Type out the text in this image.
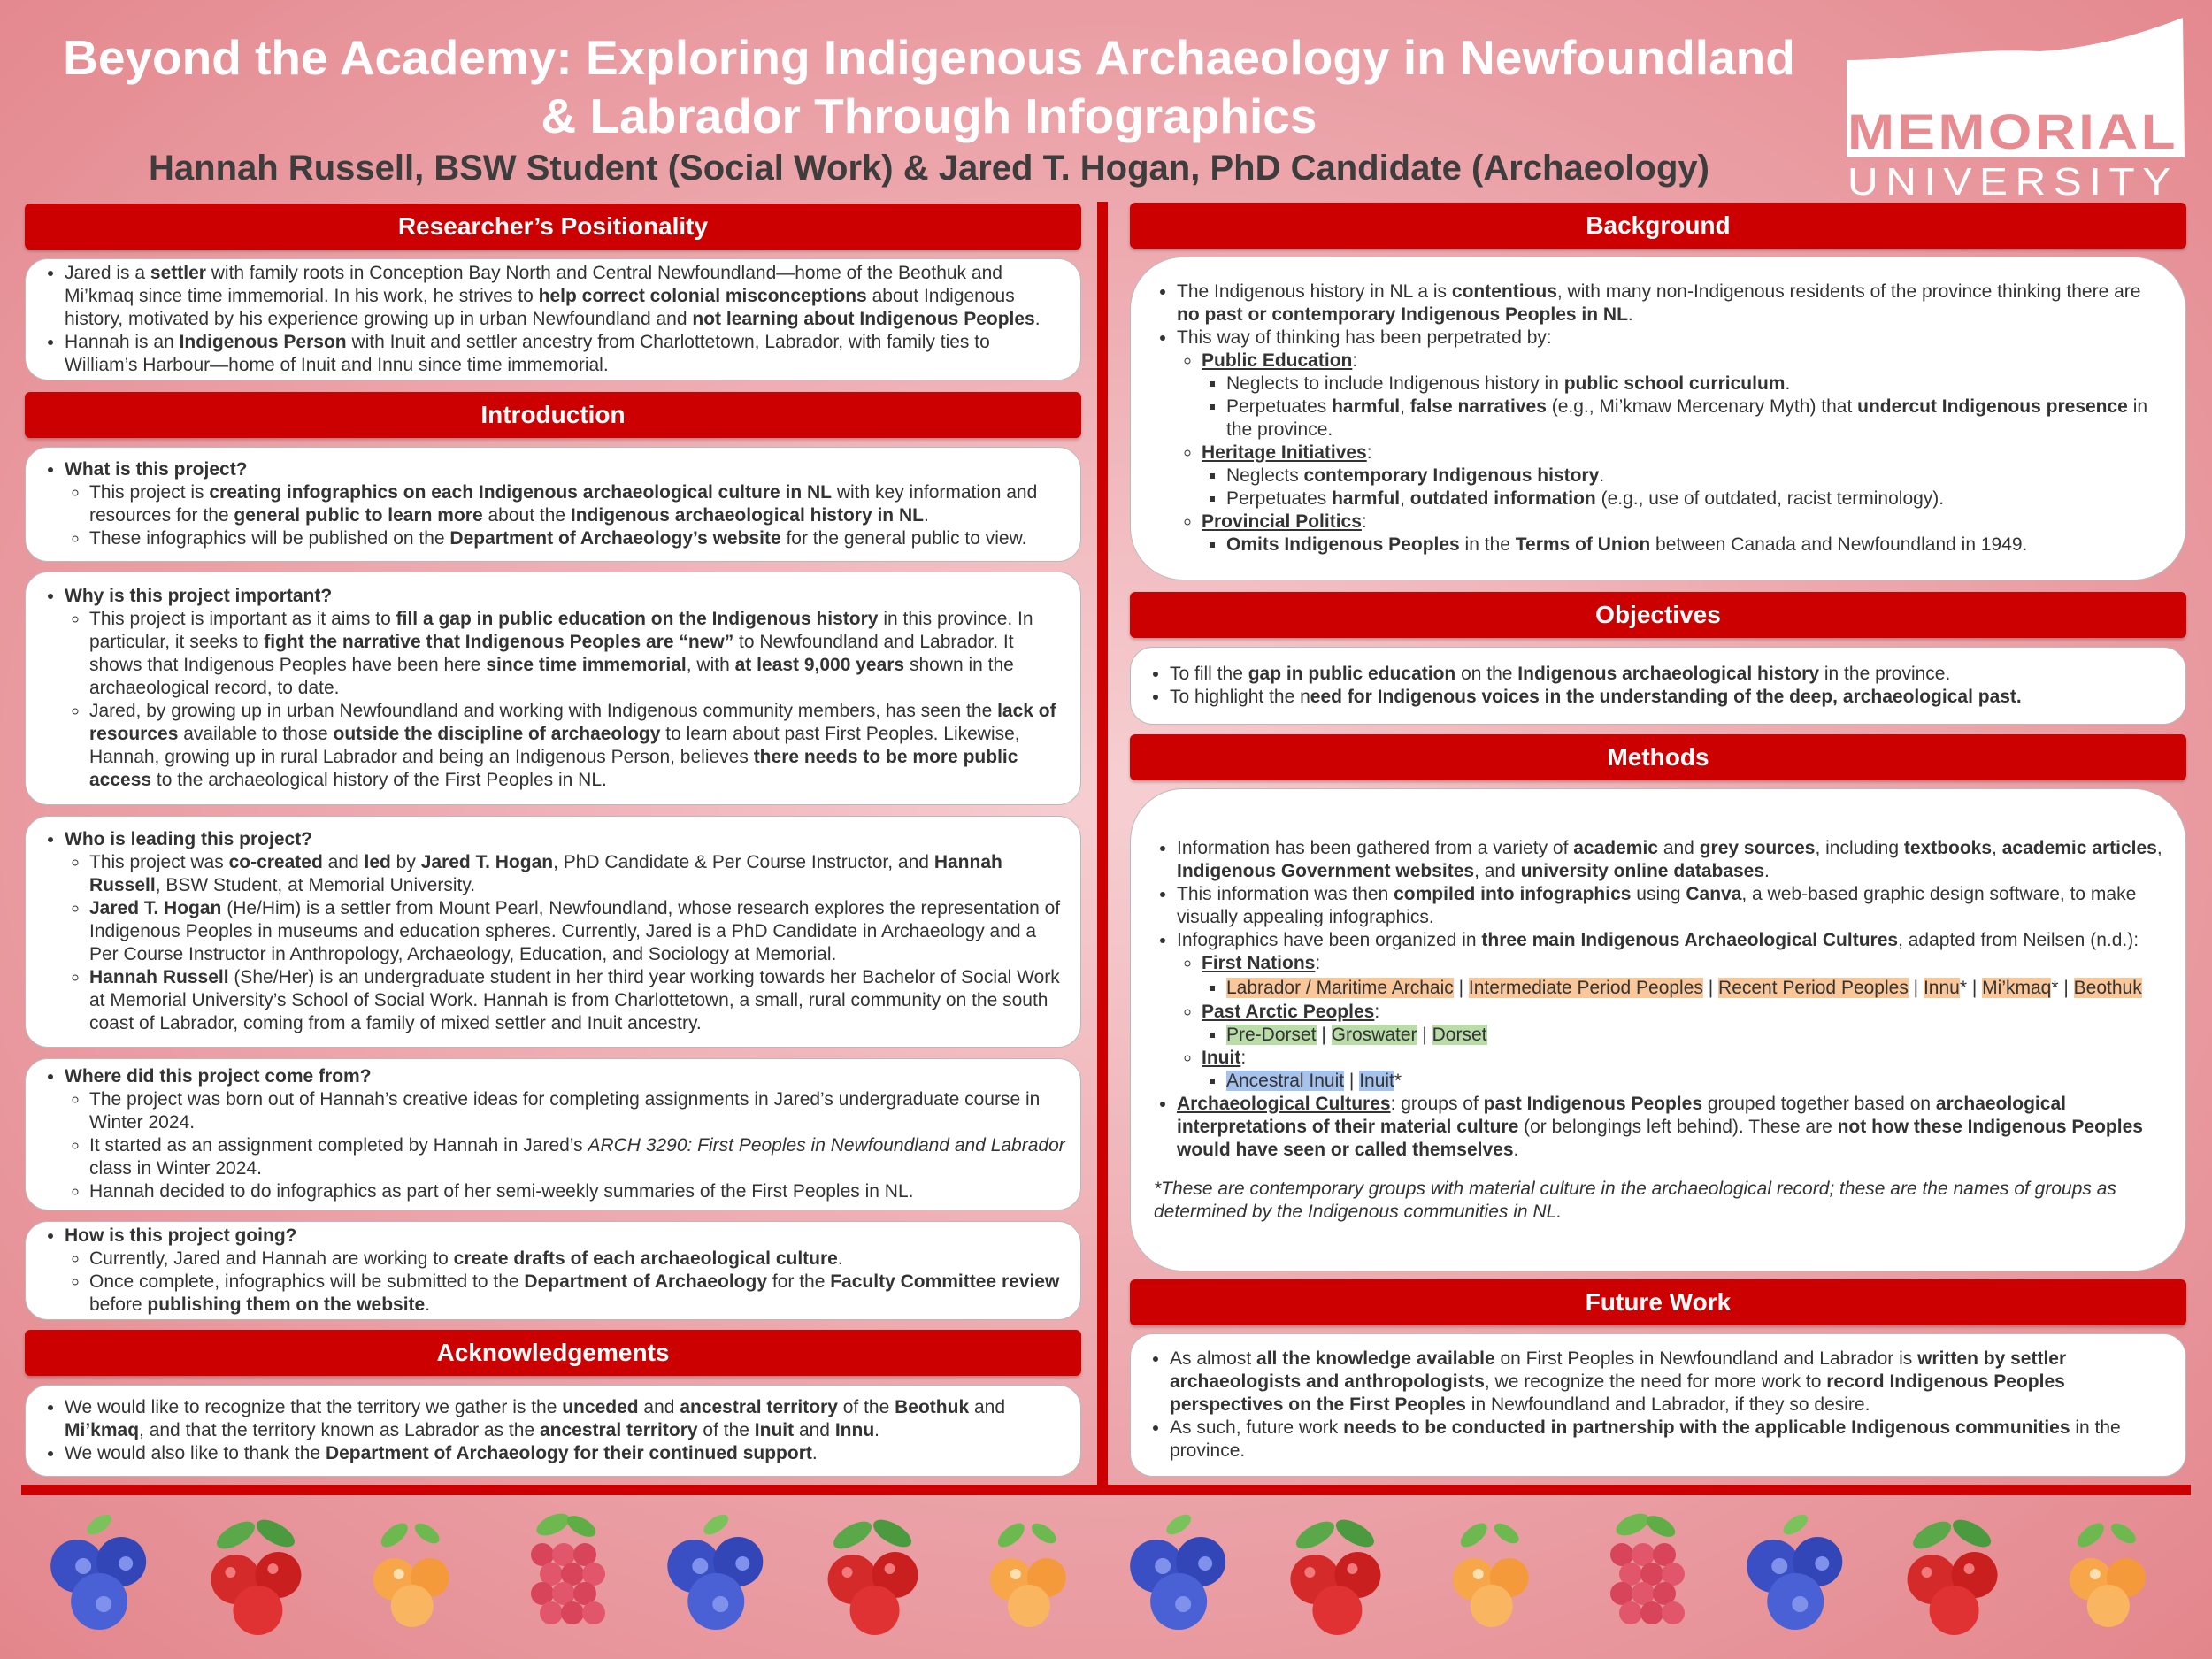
Beyond the Academy: Exploring Indigenous Archaeology in Newfoundland
& Labrador Through Infographics
Hannah Russell, BSW Student (Social Work) & Jared T. Hogan, PhD Candidate (Archaeology)
MEMORIAL
UNIVERSITY
Researcher’s Positionality
• Jared is a settler with family roots in Conception Bay North and Central Newfoundland—home of the Beothuk and Mi’kmaq since time immemorial. In his work, he strives to help correct colonial misconceptions about Indigenous history, motivated by his experience growing up in urban Newfoundland and not learning about Indigenous Peoples.
• Hannah is an Indigenous Person with Inuit and settler ancestry from Charlottetown, Labrador, with family ties to William’s Harbour—home of Inuit and Innu since time immemorial.
Introduction
• What is this project?
◦ This project is creating infographics on each Indigenous archaeological culture in NL with key information and resources for the general public to learn more about the Indigenous archaeological history in NL.
◦ These infographics will be published on the Department of Archaeology’s website for the general public to view.
• Why is this project important?
◦ This project is important as it aims to fill a gap in public education on the Indigenous history in this province. In particular, it seeks to fight the narrative that Indigenous Peoples are “new” to Newfoundland and Labrador. It shows that Indigenous Peoples have been here since time immemorial, with at least 9,000 years shown in the archaeological record, to date.
◦ Jared, by growing up in urban Newfoundland and working with Indigenous community members, has seen the lack of resources available to those outside the discipline of archaeology to learn about past First Peoples. Likewise, Hannah, growing up in rural Labrador and being an Indigenous Person, believes there needs to be more public access to the archaeological history of the First Peoples in NL.
• Who is leading this project?
◦ This project was co-created and led by Jared T. Hogan, PhD Candidate & Per Course Instructor, and Hannah Russell, BSW Student, at Memorial University.
◦ Jared T. Hogan (He/Him) is a settler from Mount Pearl, Newfoundland, whose research explores the representation of Indigenous Peoples in museums and education spheres. Currently, Jared is a PhD Candidate in Archaeology and a Per Course Instructor in Anthropology, Archaeology, Education, and Sociology at Memorial.
◦ Hannah Russell (She/Her) is an undergraduate student in her third year working towards her Bachelor of Social Work at Memorial University’s School of Social Work. Hannah is from Charlottetown, a small, rural community on the south coast of Labrador, coming from a family of mixed settler and Inuit ancestry.
• Where did this project come from?
◦ The project was born out of Hannah’s creative ideas for completing assignments in Jared’s undergraduate course in Winter 2024.
◦ It started as an assignment completed by Hannah in Jared’s ARCH 3290: First Peoples in Newfoundland and Labrador class in Winter 2024.
◦ Hannah decided to do infographics as part of her semi-weekly summaries of the First Peoples in NL.
• How is this project going?
◦ Currently, Jared and Hannah are working to create drafts of each archaeological culture.
◦ Once complete, infographics will be submitted to the Department of Archaeology for the Faculty Committee review before publishing them on the website.
Acknowledgements
• We would like to recognize that the territory we gather is the unceded and ancestral territory of the Beothuk and Mi’kmaq, and that the territory known as Labrador as the ancestral territory of the Inuit and Innu.
• We would also like to thank the Department of Archaeology for their continued support.
Background
• The Indigenous history in NL a is contentious, with many non-Indigenous residents of the province thinking there are no past or contemporary Indigenous Peoples in NL.
• This way of thinking has been perpetrated by:
◦ Public Education:
▪ Neglects to include Indigenous history in public school curriculum.
▪ Perpetuates harmful, false narratives (e.g., Mi’kmaw Mercenary Myth) that undercut Indigenous presence in the province.
◦ Heritage Initiatives:
▪ Neglects contemporary Indigenous history.
▪ Perpetuates harmful, outdated information (e.g., use of outdated, racist terminology).
◦ Provincial Politics:
▪ Omits Indigenous Peoples in the Terms of Union between Canada and Newfoundland in 1949.
Objectives
• To fill the gap in public education on the Indigenous archaeological history in the province.
• To highlight the need for Indigenous voices in the understanding of the deep, archaeological past.
Methods
• Information has been gathered from a variety of academic and grey sources, including textbooks, academic articles, Indigenous Government websites, and university online databases.
• This information was then compiled into infographics using Canva, a web-based graphic design software, to make visually appealing infographics.
• Infographics have been organized in three main Indigenous Archaeological Cultures, adapted from Neilsen (n.d.):
◦ First Nations:
▪ Labrador / Maritime Archaic | Intermediate Period Peoples | Recent Period Peoples | Innu* | Mi’kmaq* | Beothuk
◦ Past Arctic Peoples:
▪ Pre-Dorset | Groswater | Dorset
◦ Inuit:
▪ Ancestral Inuit | Inuit*
• Archaeological Cultures: groups of past Indigenous Peoples grouped together based on archaeological interpretations of their material culture (or belongings left behind). These are not how these Indigenous Peoples would have seen or called themselves.
*These are contemporary groups with material culture in the archaeological record; these are the names of groups as determined by the Indigenous communities in NL.
Future Work
• As almost all the knowledge available on First Peoples in Newfoundland and Labrador is written by settler archaeologists and anthropologists, we recognize the need for more work to record Indigenous Peoples perspectives on the First Peoples in Newfoundland and Labrador, if they so desire.
• As such, future work needs to be conducted in partnership with the applicable Indigenous communities in the province.
